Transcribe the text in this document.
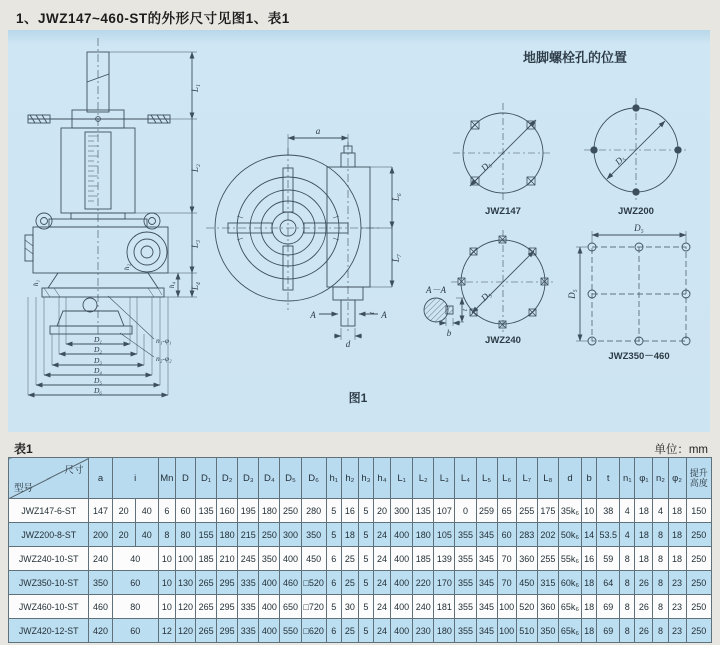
1、JWZ147~460-ST的外形尺寸见图1、表1
地脚螺栓孔的位置
JWZ147	JWZ200
JWZ240
JWZ350－460
图1
D₅	D₅
D₅
D₅
D₅
a
L₆
L₇
A	A
d
t
A－A
b
t
L₁
L₂
L₃
L₄
h₄
h₂
h₁
D₁
D₂
D₃
D₄
D₅
D₆
n₁-φ₁
n₂-φ₂
表1	单位：mm
尺寸
型号	a	i		Mn	D	D₁	D₂	D₃	D₄	D₅	D₆	h₁	h₂	h₃	h₄	L₁	L₂	L₃	L₄	L₅	L₆	L₇	L₈	d	b	t	n₁	φ₁	n₂	φ₂	提升高度
JWZ147-6-ST	147	20	40	6	60	135	160	195	180	250	280	5	16	5	20	300	135	107	0	259	65	255	175	35k₆	10	38	4	18	4	18	150
JWZ200-8-ST	200	20	40	8	80	155	180	215	250	300	350	5	18	5	24	400	180	105	355	345	60	283	202	50k₆	14	53.5	4	18	8	18	250
JWZ240-10-ST	240	40		10	100	185	210	245	350	400	450	6	25	5	24	400	185	139	355	345	70	360	255	55k₆	16	59	8	18	8	18	250
JWZ350-10-ST	350	60		10	130	265	295	335	400	460	□520	6	25	5	24	400	220	170	355	345	70	450	315	60k₆	18	64	8	26	8	23	250
JWZ460-10-ST	460	80		10	120	265	295	335	400	650	□720	5	30	5	24	400	240	181	355	345	100	520	360	65k₆	18	69	8	26	8	23	250
JWZ420-12-ST	420	60		12	120	265	295	335	400	550	□620	6	25	5	24	400	230	180	355	345	100	510	350	65k₆	18	69	8	26	8	23	250
